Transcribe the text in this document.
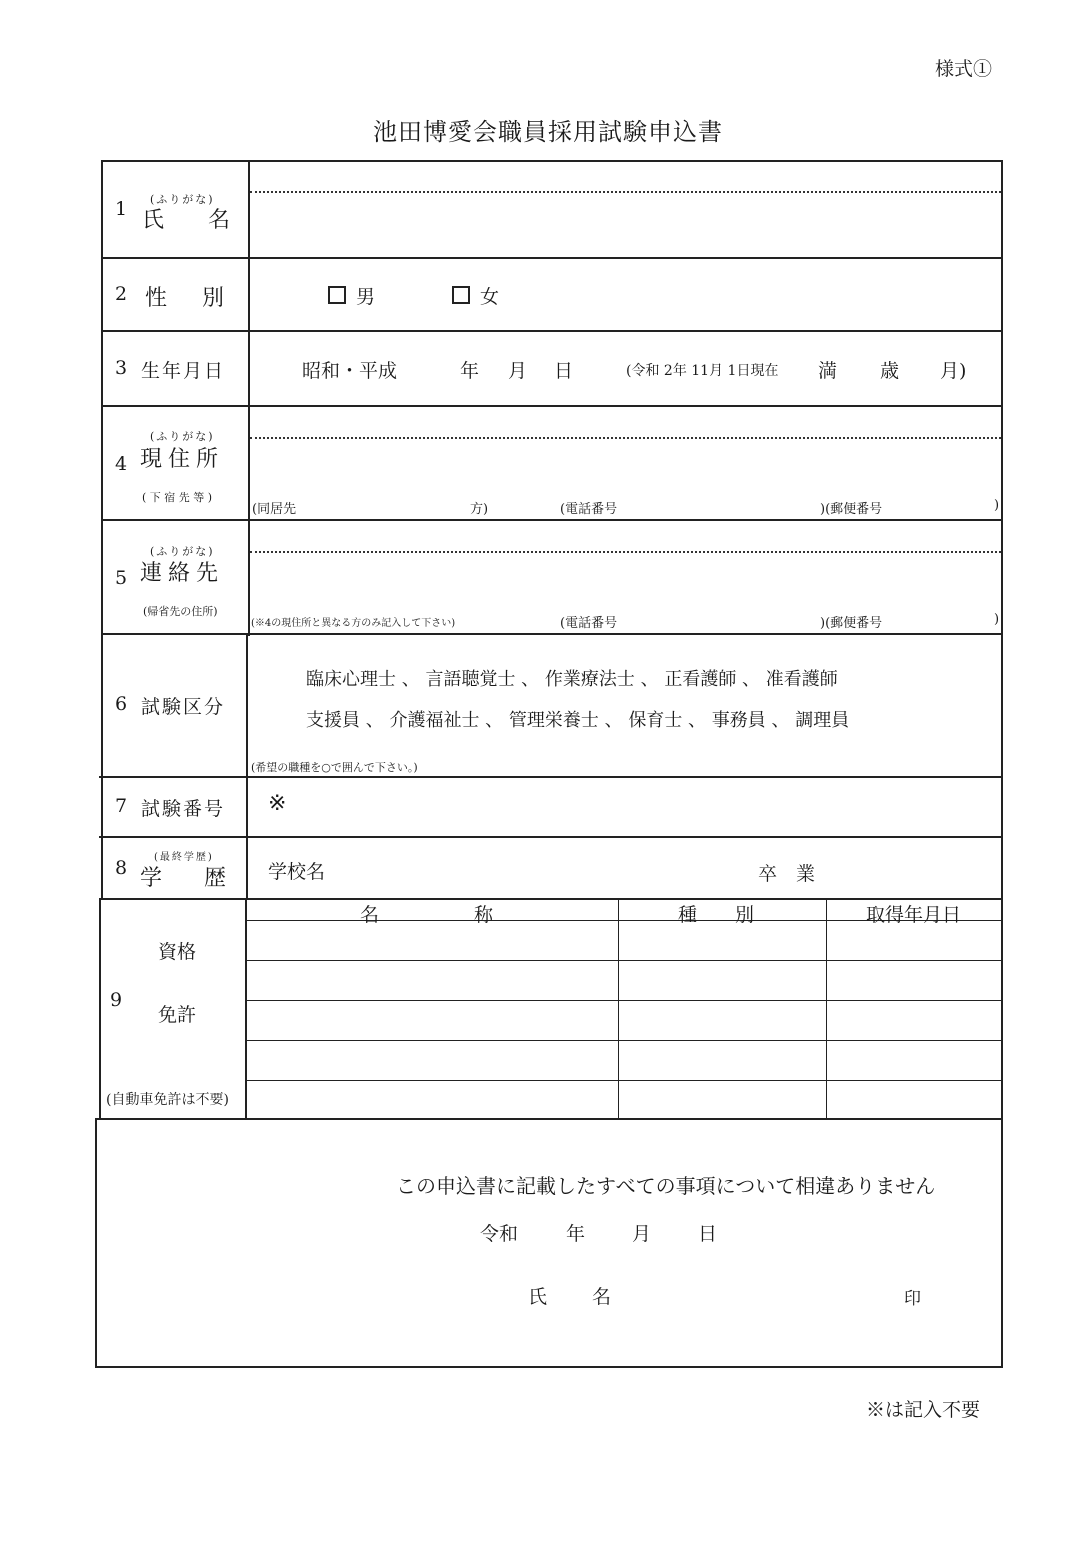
様式①
池田博愛会職員採用試験申込書
1 (ふりがな)
氏 名
2 性 別	男	女
3 生年月日	昭和・平成	年 月 日	(令和 2年 11月 1日現在 満 歳 月)
4
(ふりがな)
現住所
( 下 宿 先 等 )
(同居先	方)	(電話番号	)(郵便番号	)
5
(ふりがな)
連絡先
(帰省先の住所)
(※4の現住所と異なる方のみ記入して下さい)	(電話番号	)(郵便番号	)
6 試験区分
臨床心理士 、 言語聴覚士 、 作業療法士 、 正看護師 、 准看護師
支援員 、 介護福祉士 、 管理栄養士 、 保育士 、 事務員 、 調理員
(希望の職種を○で囲んで下さい。)
7 試験番号 ※
8	(最終学歴)
学 歴 学校名	卒　業
資格
9
免許
(自動車免許は不要)
名　　　　　称	種　　別	取得年月日
この申込書に記載したすべての事項について相違ありません
令和	年 月 日
氏 名	印
※は記入不要
